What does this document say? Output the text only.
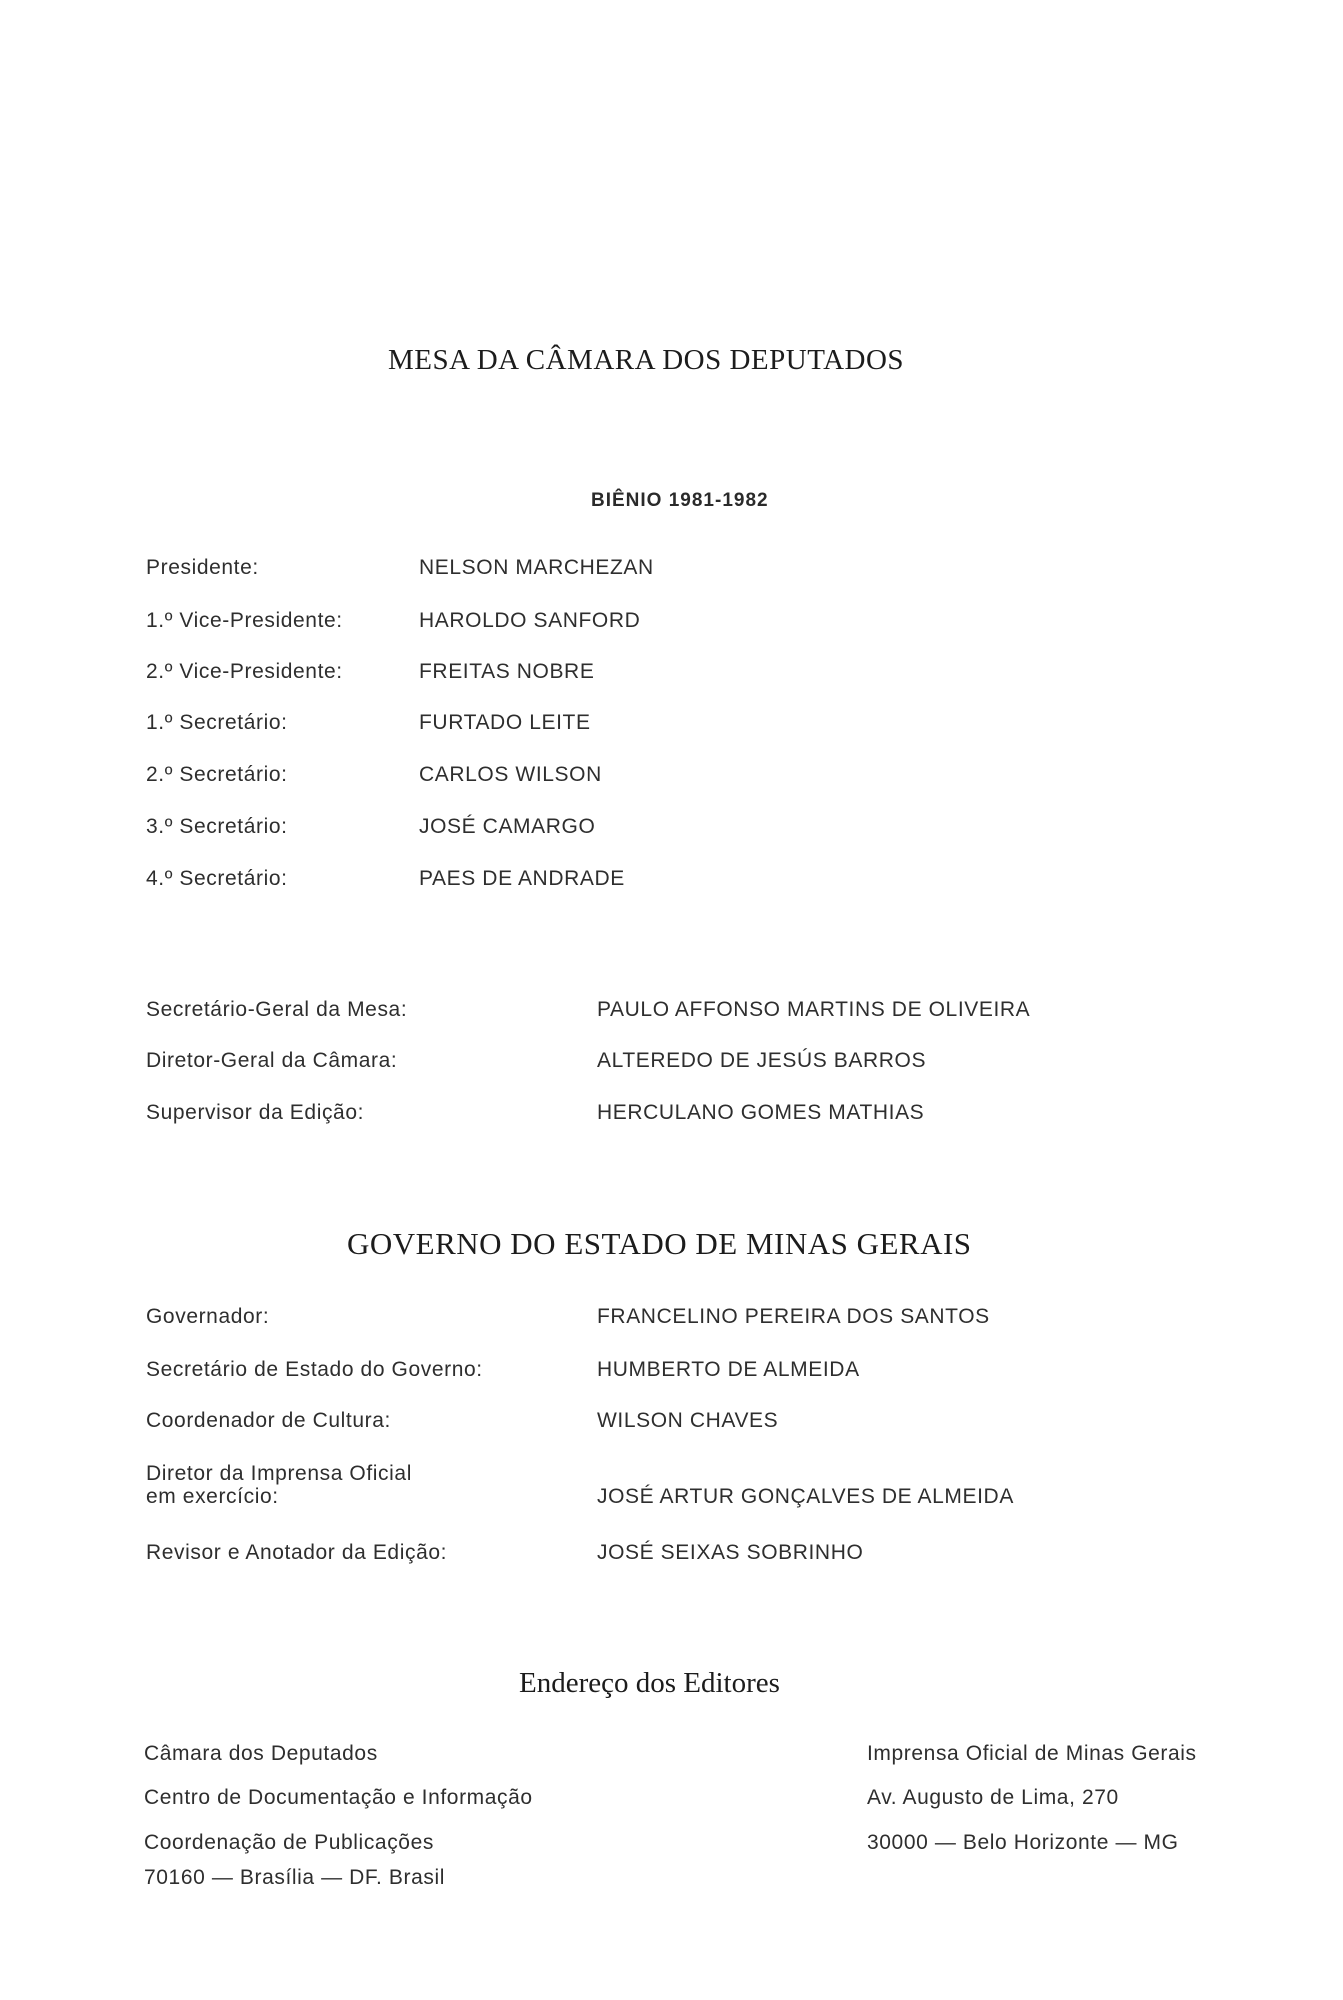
MESA DA CÂMARA DOS DEPUTADOS
BIÊNIO 1981-1982
Presidente:	NELSON MARCHEZAN
1.º Vice-Presidente:	HAROLDO SANFORD
2.º Vice-Presidente:	FREITAS NOBRE
1.º Secretário:	FURTADO LEITE
2.º Secretário:	CARLOS WILSON
3.º Secretário:	JOSÉ CAMARGO
4.º Secretário:	PAES DE ANDRADE
Secretário-Geral da Mesa:	PAULO AFFONSO MARTINS DE OLIVEIRA
Diretor-Geral da Câmara:	ALTEREDO DE JESÚS BARROS
Supervisor da Edição:	HERCULANO GOMES MATHIAS
GOVERNO DO ESTADO DE MINAS GERAIS
Governador:	FRANCELINO PEREIRA DOS SANTOS
Secretário de Estado do Governo:	HUMBERTO DE ALMEIDA
Coordenador de Cultura:	WILSON CHAVES
Diretor da Imprensa Oficial
em exercício:	JOSÉ ARTUR GONÇALVES DE ALMEIDA
Revisor e Anotador da Edição:	JOSÉ SEIXAS SOBRINHO
Endereço dos Editores
Câmara dos Deputados
Centro de Documentação e Informação
Coordenação de Publicações
70160 — Brasília — DF. Brasil
Imprensa Oficial de Minas Gerais
Av. Augusto de Lima, 270
30000 — Belo Horizonte — MG
